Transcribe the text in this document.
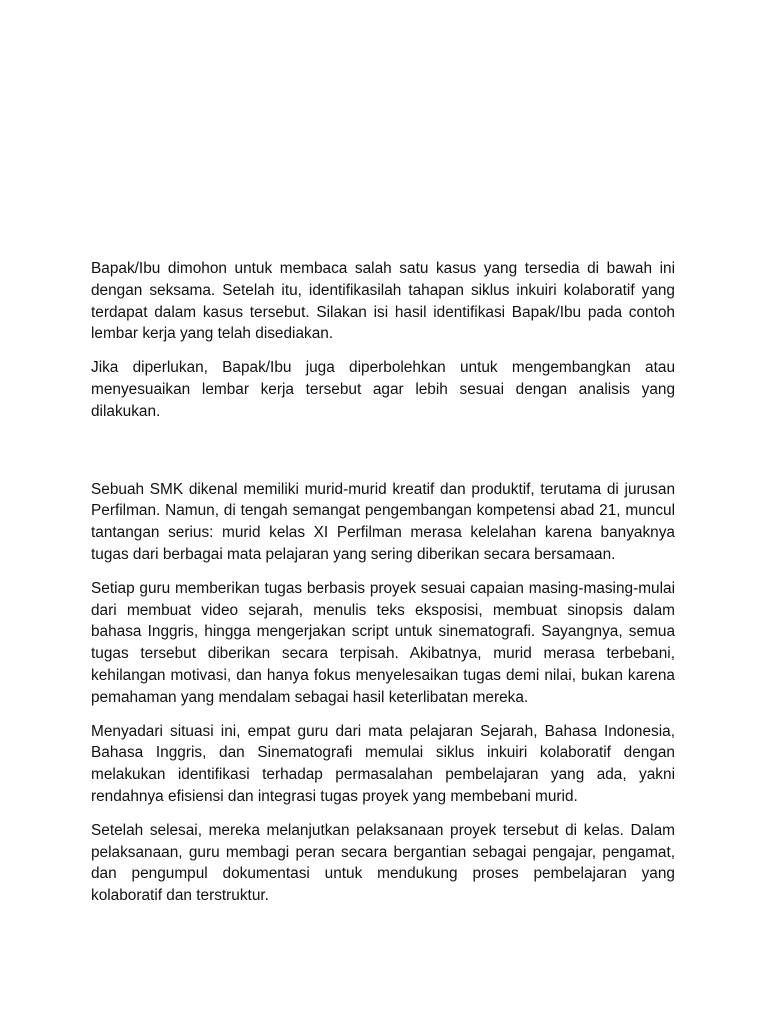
Bapak/Ibu dimohon untuk membaca salah satu kasus yang tersedia di bawah ini dengan seksama. Setelah itu, identifikasilah tahapan siklus inkuiri kolaboratif yang terdapat dalam kasus tersebut. Silakan isi hasil identifikasi Bapak/Ibu pada contoh lembar kerja yang telah disediakan.

Jika diperlukan, Bapak/Ibu juga diperbolehkan untuk mengembangkan atau menyesuaikan lembar kerja tersebut agar lebih sesuai dengan analisis yang dilakukan.

Sebuah SMK dikenal memiliki murid-murid kreatif dan produktif, terutama di jurusan Perfilman. Namun, di tengah semangat pengembangan kompetensi abad 21, muncul tantangan serius: murid kelas XI Perfilman merasa kelelahan karena banyaknya tugas dari berbagai mata pelajaran yang sering diberikan secara bersamaan.

Setiap guru memberikan tugas berbasis proyek sesuai capaian masing-masing-mulai dari membuat video sejarah, menulis teks eksposisi, membuat sinopsis dalam bahasa Inggris, hingga mengerjakan script untuk sinematografi. Sayangnya, semua tugas tersebut diberikan secara terpisah. Akibatnya, murid merasa terbebani, kehilangan motivasi, dan hanya fokus menyelesaikan tugas demi nilai, bukan karena pemahaman yang mendalam sebagai hasil keterlibatan mereka.

Menyadari situasi ini, empat guru dari mata pelajaran Sejarah, Bahasa Indonesia, Bahasa Inggris, dan Sinematografi memulai siklus inkuiri kolaboratif dengan melakukan identifikasi terhadap permasalahan pembelajaran yang ada, yakni rendahnya efisiensi dan integrasi tugas proyek yang membebani murid.

Setelah selesai, mereka melanjutkan pelaksanaan proyek tersebut di kelas. Dalam pelaksanaan, guru membagi peran secara bergantian sebagai pengajar, pengamat, dan pengumpul dokumentasi untuk mendukung proses pembelajaran yang kolaboratif dan terstruktur.
